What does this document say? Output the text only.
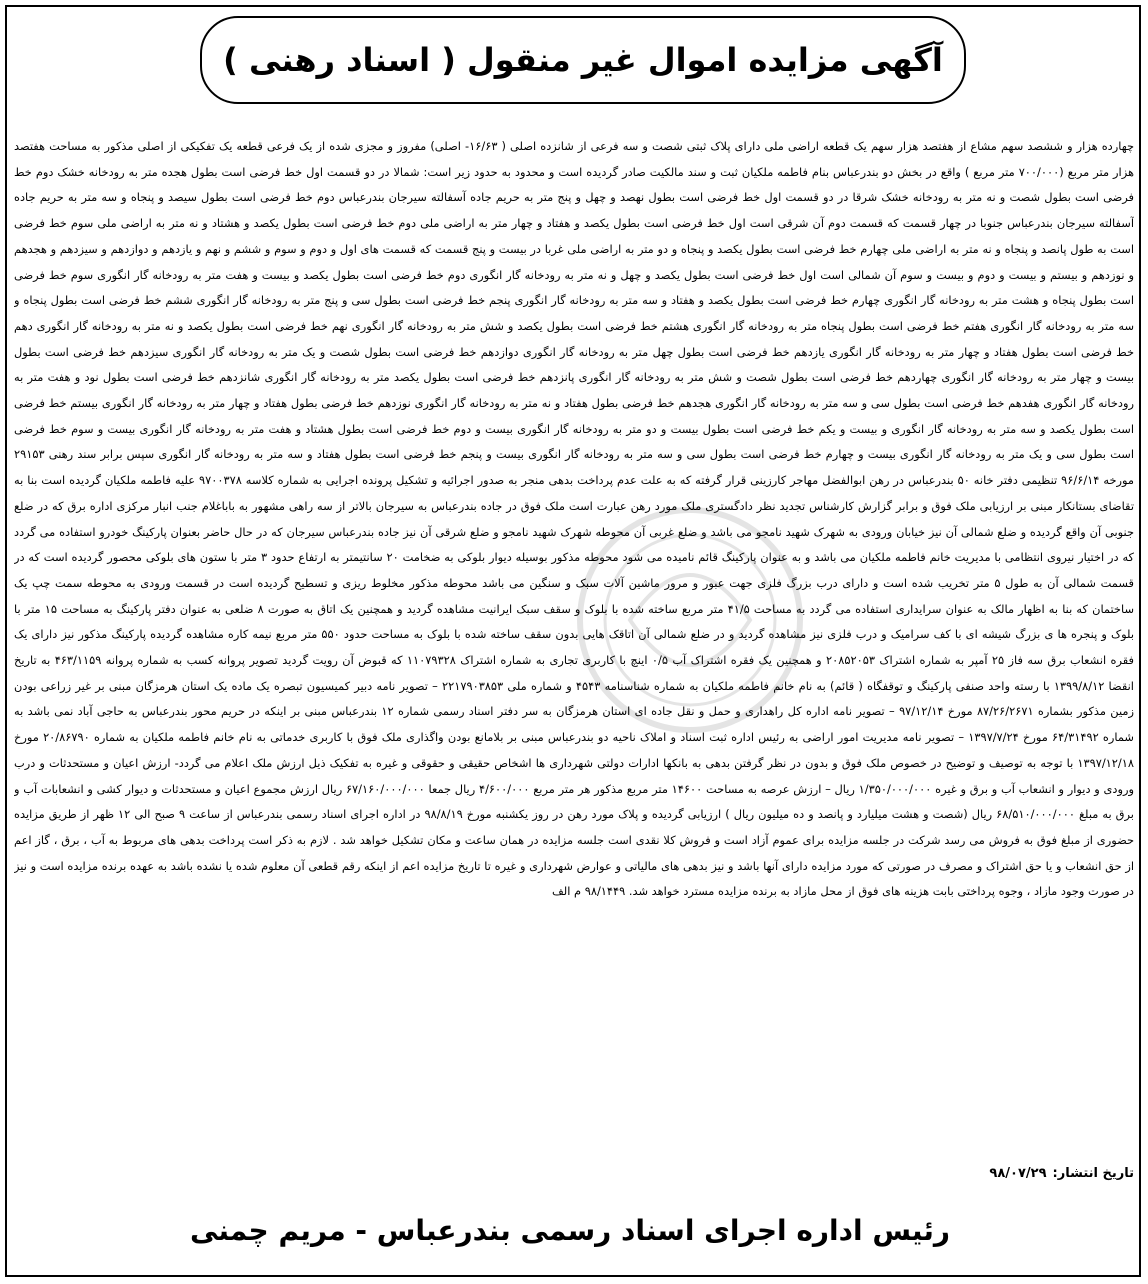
آگهی مزایده اموال غیر منقول ( اسناد رهنی )
چهارده هزار و ششصد سهم مشاع از هفتصد هزار سهم یک قطعه اراضی ملی دارای پلاک ثبتی شصت و سه فرعی از شانزده اصلی ( ۱۶/۶۳- اصلی) مفروز و مجزی شده از یک فرعی قطعه یک تفکیکی از اصلی مذکور به مساحت هفتصد هزار متر مربع (۷۰۰/۰۰۰ متر مربع ) واقع در بخش دو بندرعباس بنام فاطمه ملکیان ثبت و سند مالکیت صادر گردیده است و محدود به حدود زیر است: شمالا در دو قسمت اول خط فرضی است بطول هجده متر به رودخانه خشک دوم خط فرضی است بطول شصت و نه متر به رودخانه خشک شرقا در دو قسمت اول خط فرضی است بطول نهصد و چهل و پنج متر به حریم جاده آسفالته سیرجان بندرعباس دوم خط فرضی است بطول سیصد و پنجاه و سه متر به حریم جاده آسفالته سیرجان بندرعباس جنوبا در چهار قسمت که قسمت دوم آن شرقی است اول خط فرضی است بطول یکصد و هفتاد و چهار متر به اراضی ملی دوم خط فرضی است بطول یکصد و هشتاد و نه متر به اراضی ملی سوم خط فرضی است به طول پانصد و پنجاه و نه متر به اراضی ملی چهارم خط فرضی است بطول یکصد و پنجاه و دو متر به اراضی ملی غربا در بیست و پنج قسمت که قسمت های اول و دوم و سوم و ششم و نهم و یازدهم و دوازدهم و سیزدهم و هجدهم و نوزدهم و بیستم و بیست و دوم و بیست و سوم آن شمالی است اول خط فرضی است بطول یکصد و چهل و نه متر به رودخانه گار انگوری دوم خط فرضی است بطول یکصد و بیست و هفت متر به رودخانه گار انگوری سوم خط فرضی است بطول پنجاه و هشت متر به رودخانه گار انگوری چهارم خط فرضی است بطول یکصد و هفتاد و سه متر به رودخانه گار انگوری پنجم خط فرضی است بطول سی و پنج متر به رودخانه گار انگوری ششم خط فرضی است بطول پنجاه و سه متر به رودخانه گار انگوری هفتم خط فرضی است بطول پنجاه متر به رودخانه گار انگوری هشتم خط فرضی است بطول یکصد و شش متر به رودخانه گار انگوری نهم خط فرضی است بطول یکصد و نه متر به رودخانه گار انگوری دهم خط فرضی است بطول هفتاد و چهار متر به رودخانه گار انگوری یازدهم خط فرضی است بطول چهل متر به رودخانه گار انگوری دوازدهم خط فرضی است بطول شصت و یک متر به رودخانه گار انگوری سیزدهم خط فرضی است بطول بیست و چهار متر به رودخانه گار انگوری چهاردهم خط فرضی است بطول شصت و شش متر به رودخانه گار انگوری پانزدهم خط فرضی است بطول یکصد متر به رودخانه گار انگوری شانزدهم خط فرضی است بطول نود و هفت متر به رودخانه گار انگوری هفدهم خط فرضی است بطول سی و سه متر به رودخانه گار انگوری هجدهم خط فرضی بطول هفتاد و نه متر به رودخانه گار انگوری نوزدهم خط فرضی بطول هفتاد و چهار متر به رودخانه گار انگوری بیستم خط فرضی است بطول یکصد و سه متر به رودخانه گار انگوری و بیست و یکم خط فرضی است بطول بیست و دو متر به رودخانه گار انگوری بیست و دوم خط فرضی است بطول هشتاد و هفت متر به رودخانه گار انگوری بیست و سوم خط فرضی است بطول سی و یک متر به رودخانه گار انگوری بیست و چهارم خط فرضی است بطول سی و سه متر به رودخانه گار انگوری بیست و پنجم خط فرضی است بطول هفتاد و سه متر به رودخانه گار انگوری سپس برابر سند رهنی ۲۹۱۵۳ مورخه ۹۶/۶/۱۴ تنظیمی دفتر خانه ۵۰ بندرعباس در رهن ابوالفضل مهاجر کارزینی قرار گرفته که به علت عدم پرداخت بدهی منجر به صدور اجرائیه و تشکیل پرونده اجرایی به شماره کلاسه ۹۷۰۰۳۷۸ علیه فاطمه ملکیان گردیده است بنا به تقاضای بستانکار مبنی بر ارزیابی ملک فوق و برابر گزارش کارشناس تجدید نظر دادگستری ملک مورد رهن عبارت است ملک فوق در جاده بندرعباس به سیرجان بالاتر از سه راهی مشهور به باباغلام جنب انبار مرکزی اداره برق که در ضلع جنوبی آن واقع گردیده و ضلع شمالی آن نیز خیابان ورودی به شهرک شهید نامجو می باشد و ضلع غربی آن محوطه شهرک شهید نامجو و ضلع شرقی آن نیز جاده بندرعباس سیرجان که در حال حاضر بعنوان پارکینگ خودرو استفاده می گردد که در اختیار نیروی انتظامی با مدیریت خانم فاطمه ملکیان می باشد و به عنوان پارکینگ قائم نامیده می شود محوطه مذکور بوسیله دیوار بلوکی به ضخامت ۲۰ سانتیمتر به ارتفاع حدود ۳ متر با ستون های بلوکی محصور گردیده است که در قسمت شمالی آن به طول ۵ متر تخریب شده است و دارای درب بزرگ فلزی جهت عبور و مرور ماشین آلات سبک و سنگین می باشد محوطه مذکور مخلوط ریزی و تسطیح گردیده است در قسمت ورودی به محوطه سمت چپ یک ساختمان که بنا به اظهار مالک به عنوان سرایداری استفاده می گردد به مساحت ۴۱/۵ متر مربع ساخته شده با بلوک و سقف سبک ایرانیت مشاهده گردید و همچنین یک اتاق به صورت ۸ ضلعی به عنوان دفتر پارکینگ به مساحت ۱۵ متر با بلوک و پنجره ها ی بزرگ شیشه ای با کف سرامیک و درب فلزی نیز مشاهده گردید و در ضلع شمالی آن اتاقک هایی بدون سقف ساخته شده با بلوک به مساحت حدود ۵۵۰ متر مربع نیمه کاره مشاهده گردیده پارکینگ مذکور نیز دارای یک فقره انشعاب برق سه فاز ۲۵ آمپر به شماره اشتراک ۲۰۸۵۲۰۵۳ و همچنین یک فقره اشتراک آب ۰/۵ اینچ با کاربری تجاری به شماره اشتراک ۱۱۰۷۹۳۲۸ که قبوض آن رویت گردید تصویر پروانه کسب به شماره پروانه ۴۶۳/۱۱۵۹ به تاریخ انقضا ۱۳۹۹/۸/۱۲ با رسته واحد صنفی پارکینگ و توقفگاه ( قائم) به نام خانم فاطمه ملکیان به شماره شناسنامه ۴۵۴۳ و شماره ملی ۲۲۱۷۹۰۳۸۵۳ – تصویر نامه دبیر کمیسیون تبصره یک ماده یک استان هرمزگان مبنی بر غیر زراعی بودن زمین مذکور بشماره ۸۷/۲۶/۲۶۷۱ مورخ ۹۷/۱۲/۱۴ – تصویر نامه اداره کل راهداری و حمل و نقل جاده ای استان هرمزگان به سر دفتر اسناد رسمی شماره ۱۲ بندرعباس مبنی بر اینکه در حریم محور بندرعباس به حاجی آباد نمی باشد به شماره ۶۴/۳۱۴۹۲ مورخ ۱۳۹۷/۷/۲۴ – تصویر نامه مدیریت امور اراضی به رئیس اداره ثبت اسناد و املاک ناحیه دو بندرعباس مبنی بر بلامانع بودن واگذاری ملک فوق با کاربری خدماتی به نام خانم فاطمه ملکیان به شماره ۲۰/۸۶۷۹۰ مورخ ۱۳۹۷/۱۲/۱۸ با توجه به توصیف و توضیح در خصوص ملک فوق و بدون در نظر گرفتن بدهی به بانکها ادارات دولتی شهرداری ها اشخاص حقیقی و حقوقی و غیره به تفکیک ذیل ارزش ملک اعلام می گردد- ارزش اعیان و مستحدثات و درب ورودی و دیوار و انشعاب آب و برق و غیره ۱/۳۵۰/۰۰۰/۰۰۰ ریال – ارزش عرصه به مساحت ۱۴۶۰۰ متر مربع مذکور هر متر مربع ۴/۶۰۰/۰۰۰ ریال جمعا ۶۷/۱۶۰/۰۰۰/۰۰۰ ریال ارزش مجموع اعیان و مستحدثات و دیوار کشی و انشعابات آب و برق به مبلغ ۶۸/۵۱۰/۰۰۰/۰۰۰ ریال (شصت و هشت میلیارد و پانصد و ده میلیون ریال ) ارزیابی گردیده و پلاک مورد رهن در روز یکشنبه مورخ ۹۸/۸/۱۹ در اداره اجرای اسناد رسمی بندرعباس از ساعت ۹ صبح الی ۱۲ ظهر از طریق مزایده حضوری از مبلغ فوق به فروش می رسد شرکت در جلسه مزایده برای عموم آزاد است و فروش کلا نقدی است جلسه مزایده در همان ساعت و مکان تشکیل خواهد شد . لازم به ذکر است پرداخت بدهی های مربوط به آب ، برق ، گاز اعم از حق انشعاب و یا حق اشتراک و مصرف در صورتی که مورد مزایده دارای آنها باشد و نیز بدهی های مالیاتی و عوارض شهرداری و غیره تا تاریخ مزایده اعم از اینکه رقم قطعی آن معلوم شده یا نشده باشد به عهده برنده مزایده است و نیز در صورت وجود مازاد ، وجوه پرداختی بابت هزینه های فوق از محل مازاد به برنده مزایده مسترد خواهد شد. ۹۸/۱۴۴۹ م الف
تاریخ انتشار:
۹۸/۰۷/۲۹
رئیس اداره اجرای اسناد رسمی بندرعباس - مریم چمنی
